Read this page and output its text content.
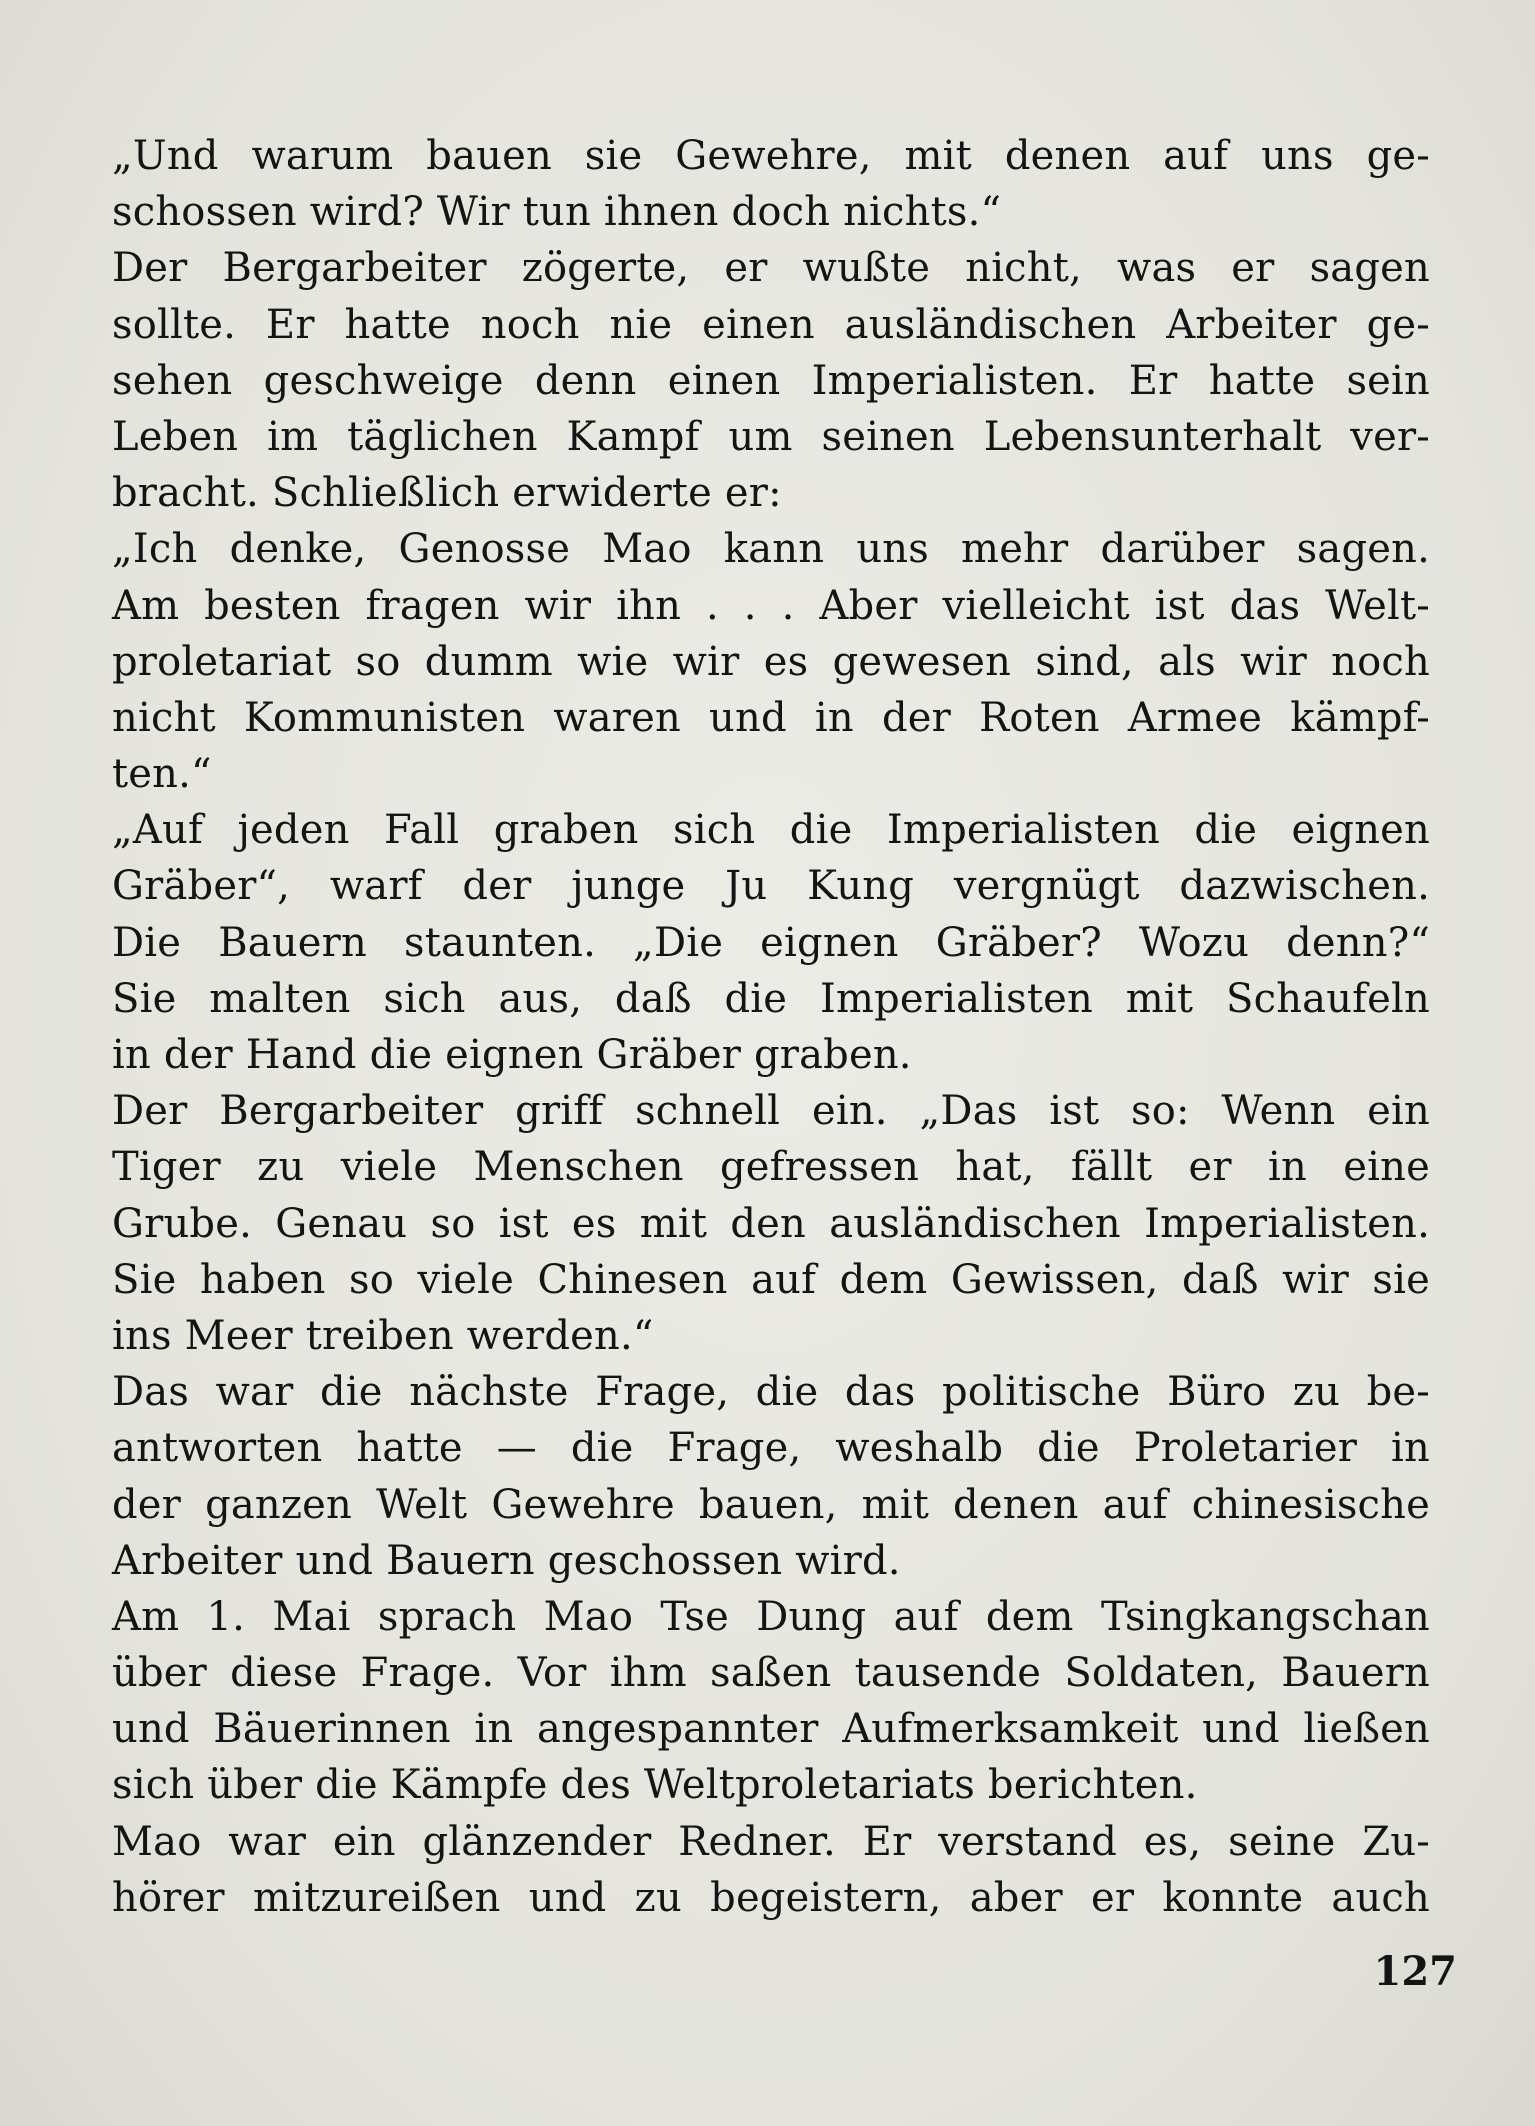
„Und warum bauen sie Gewehre, mit denen auf uns ge-
schossen wird? Wir tun ihnen doch nichts.“
Der Bergarbeiter zögerte, er wußte nicht, was er sagen
sollte. Er hatte noch nie einen ausländischen Arbeiter ge-
sehen geschweige denn einen Imperialisten. Er hatte sein
Leben im täglichen Kampf um seinen Lebensunterhalt ver-
bracht. Schließlich erwiderte er:
„Ich denke, Genosse Mao kann uns mehr darüber sagen.
Am besten fragen wir ihn . . . Aber vielleicht ist das Welt-
proletariat so dumm wie wir es gewesen sind, als wir noch
nicht Kommunisten waren und in der Roten Armee kämpf-
ten.“
„Auf jeden Fall graben sich die Imperialisten die eignen
Gräber“, warf der junge Ju Kung vergnügt dazwischen.
Die Bauern staunten. „Die eignen Gräber? Wozu denn?“
Sie malten sich aus, daß die Imperialisten mit Schaufeln
in der Hand die eignen Gräber graben.
Der Bergarbeiter griff schnell ein. „Das ist so: Wenn ein
Tiger zu viele Menschen gefressen hat, fällt er in eine
Grube. Genau so ist es mit den ausländischen Imperialisten.
Sie haben so viele Chinesen auf dem Gewissen, daß wir sie
ins Meer treiben werden.“
Das war die nächste Frage, die das politische Büro zu be-
antworten hatte — die Frage, weshalb die Proletarier in
der ganzen Welt Gewehre bauen, mit denen auf chinesische
Arbeiter und Bauern geschossen wird.
Am 1. Mai sprach Mao Tse Dung auf dem Tsingkangschan
über diese Frage. Vor ihm saßen tausende Soldaten, Bauern
und Bäuerinnen in angespannter Aufmerksamkeit und ließen
sich über die Kämpfe des Weltproletariats berichten.
Mao war ein glänzender Redner. Er verstand es, seine Zu-
hörer mitzureißen und zu begeistern, aber er konnte auch
127
